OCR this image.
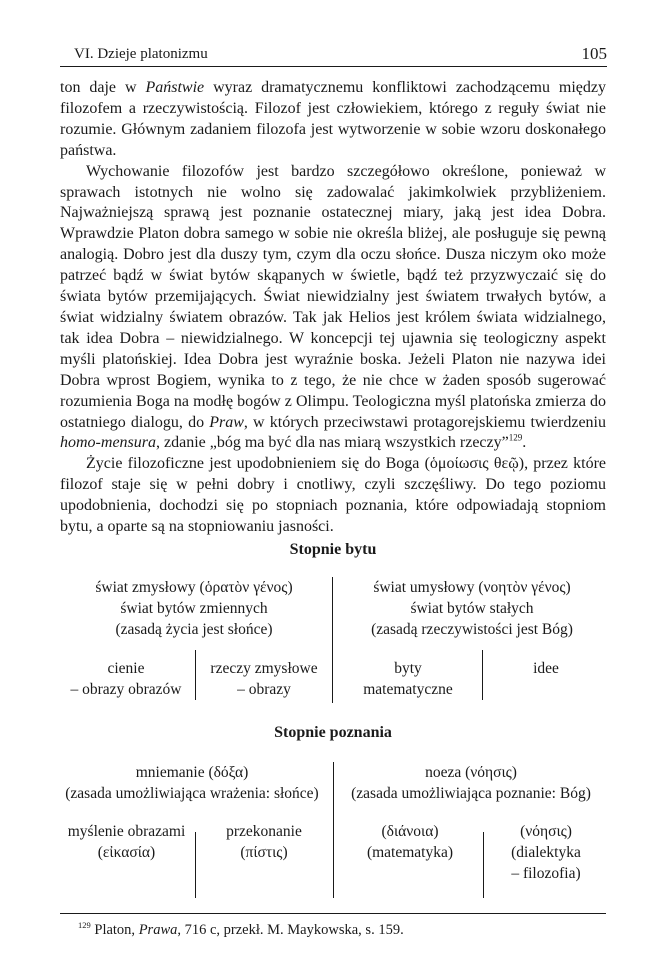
VI. Dzieje platonizmu	105

ton daje w Państwie wyraz dramatycznemu konfliktowi zachodzącemu między filozofem a rzeczywistością. Filozof jest człowiekiem, którego z reguły świat nie rozumie. Głównym zadaniem filozofa jest wytworzenie w sobie wzoru doskonałego państwa.

Wychowanie filozofów jest bardzo szczegółowo określone, ponieważ w sprawach istotnych nie wolno się zadowalać jakimkolwiek przybliżeniem. Najważniejszą sprawą jest poznanie ostatecznej miary, jaką jest idea Dobra. Wprawdzie Platon dobra samego w sobie nie określa bliżej, ale posługuje się pewną analogią. Dobro jest dla duszy tym, czym dla oczu słońce. Dusza niczym oko może patrzeć bądź w świat bytów skąpanych w świetle, bądź też przyzwyczaić się do świata bytów przemijających. Świat niewidzialny jest światem trwałych bytów, a świat widzialny światem obrazów. Tak jak Helios jest królem świata widzialnego, tak idea Dobra – niewidzialnego. W koncepcji tej ujawnia się teologiczny aspekt myśli platońskiej. Idea Dobra jest wyraźnie boska. Jeżeli Platon nie nazywa idei Dobra wprost Bogiem, wynika to z tego, że nie chce w żaden sposób sugerować rozumienia Boga na modłę bogów z Olimpu. Teologiczna myśl platońska zmierza do ostatniego dialogu, do Praw, w których przeciwstawi protagorejskiemu twierdzeniu homo-mensura, zdanie „bóg ma być dla nas miarą wszystkich rzeczy”$^{129}$.

Życie filozoficzne jest upodobnieniem się do Boga (ὁμοίωσις θεῷ), przez które filozof staje się w pełni dobry i cnotliwy, czyli szczęśliwy. Do tego poziomu upodobnienia, dochodzi się po stopniach poznania, które odpowiadają stopniom bytu, a oparte są na stopniowaniu jasności.

Stopnie bytu
świat zmysłowy (ὁρατὸν γένος)
świat bytów zmiennych
(zasadą życia jest słońce)
świat umysłowy (νοητὸν γένος)
świat bytów stałych
(zasadą rzeczywistości jest Bóg)
cienie
– obrazy obrazów
rzeczy zmysłowe
– obrazy
byty
matematyczne
idee
Stopnie poznania
mniemanie (δόξα)
(zasada umożliwiająca wrażenia: słońce)
noeza (νόησις)
(zasada umożliwiająca poznanie: Bóg)
myślenie obrazami
(εἰκασία)
przekonanie
(πίστις)
(διάνοια)
(matematyka)
(νόησις)
(dialektyka
– filozofia)
$^{129}$ Platon, Prawa, 716 c, przekł. M. Maykowska, s. 159.
